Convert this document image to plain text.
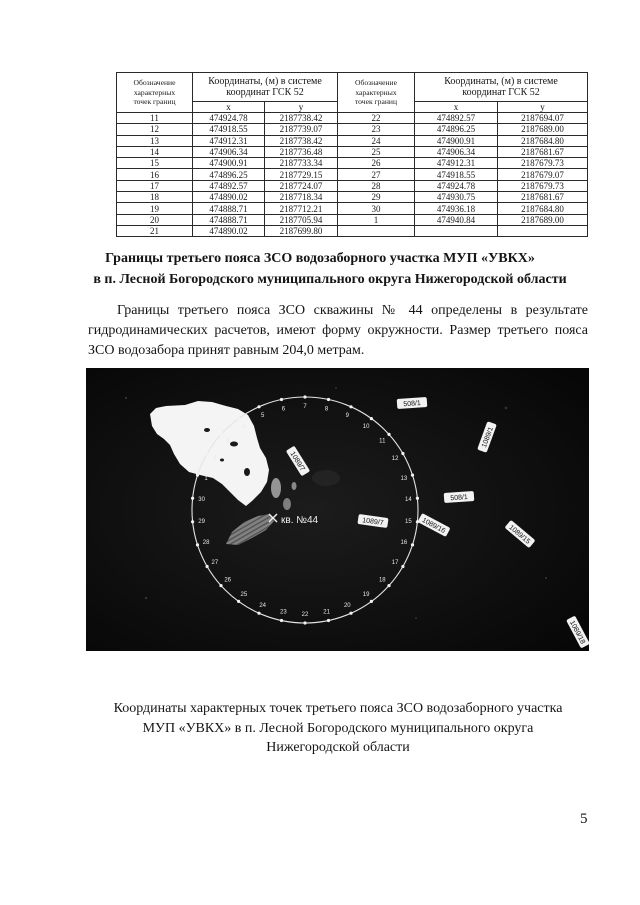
Обозначение характерных точек границ	Координаты, (м) в системе координат ГСК 52		Обозначение характерных точек границ	Координаты, (м) в системе координат ГСК 52	

	x	y		x	y
11	474924.78	2187738.42	22	474892.57	2187694.07
12	474918.55	2187739.07	23	474896.25	2187689.00
13	474912.31	2187738.42	24	474900.91	2187684.80
14	474906.34	2187736.48	25	474906.34	2187681.67
15	474900.91	2187733.34	26	474912.31	2187679.73
16	474896.25	2187729.15	27	474918.55	2187679.07
17	474892.57	2187724.07	28	474924.78	2187679.73
18	474890.02	2187718.34	29	474930.75	2187681.67
19	474888.71	2187712.21	30	474936.18	2187684.80
20	474888.71	2187705.94	1	474940.84	2187689.00
21	474890.02	2187699.80			
Границы третьего пояса ЗСО водозаборного участка МУП «УВКХ»
в п. Лесной Богородского муниципального округа Нижегородской области
Границы третьего пояса ЗСО скважины № 44 определены в результате
гидродинамических расчетов, имеют форму окружности. Размер третьего пояса
ЗСО водозабора принят равным 204,0 метрам.
1
2
3
4
5
6	7	8
9
10
11
12
13
14
15
16
17
18
19
20
21
22
23
24
25
26
27
28
29
30
кв. №44
508/1
1089/1
1089/7
508/1
1089/7	1089/16	1089/15
1089/18
Координаты характерных точек третьего пояса ЗСО водозаборного участка
МУП «УВКХ» в п. Лесной Богородского муниципального округа
Нижегородской области
5
